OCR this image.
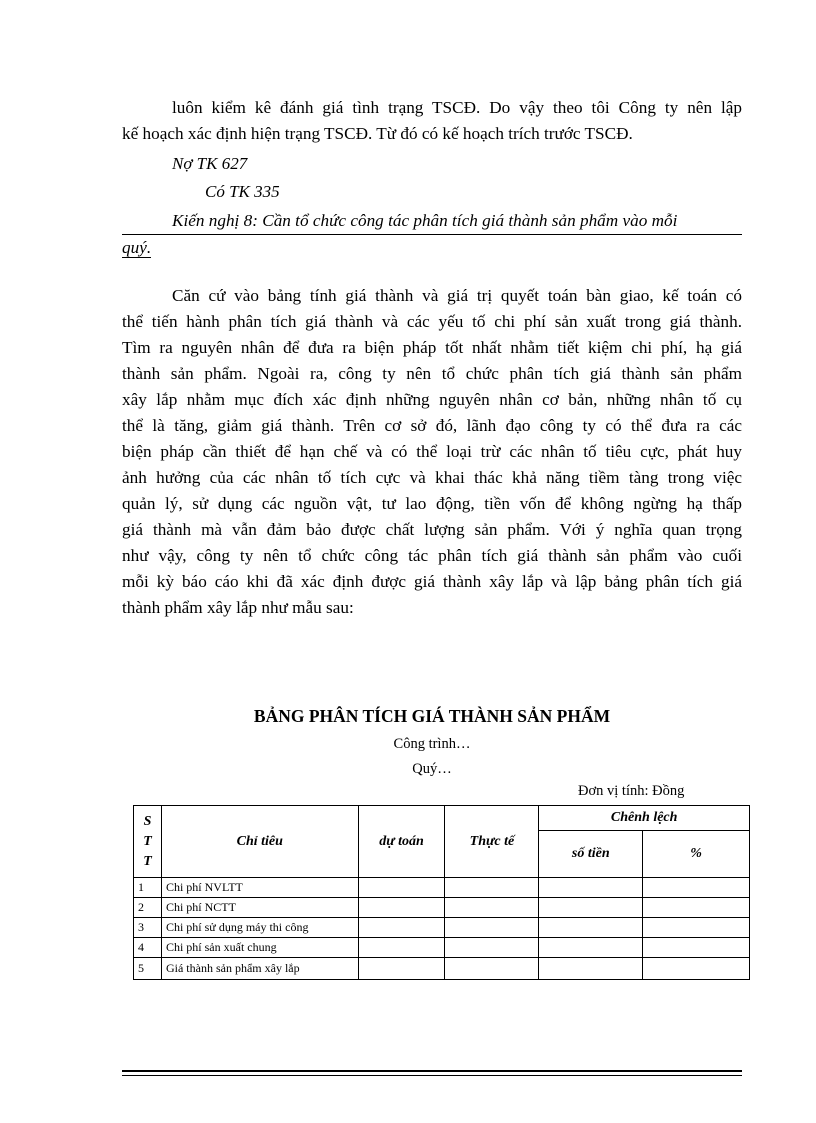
luôn kiểm kê đánh giá tình trạng TSCĐ. Do vậy theo tôi Công ty nên lập
kế hoạch xác định hiện trạng TSCĐ. Từ đó có kế hoạch trích trước TSCĐ.
Nợ TK 627
Có TK 335
Kiến nghị 8: Cần tổ chức công tác phân tích giá thành sản phẩm vào mỗi
quý.
Căn cứ vào bảng tính giá thành và giá trị quyết toán bàn giao, kế toán có
thể tiến hành phân tích giá thành và các yếu tố chi phí sản xuất trong giá thành.
Tìm ra nguyên nhân để đưa ra biện pháp tốt nhất nhằm tiết kiệm chi phí, hạ giá
thành sản phẩm. Ngoài ra, công ty nên tổ chức phân tích giá thành sản phẩm
xây lắp nhằm mục đích xác định những nguyên nhân cơ bản, những nhân tố cụ
thể là tăng, giảm giá thành. Trên cơ sở đó, lãnh đạo công ty có thể đưa ra các
biện pháp cần thiết để hạn chế và có thể loại trừ các nhân tố tiêu cực, phát huy
ảnh hưởng của các nhân tố tích cực và khai thác khả năng tiềm tàng trong việc
quản lý, sử dụng các nguồn vật, tư lao động, tiền vốn để không ngừng hạ thấp
giá thành mà vẫn đảm bảo được chất lượng sản phẩm. Với ý nghĩa quan trọng
như vậy, công ty nên tổ chức công tác phân tích giá thành sản phẩm vào cuối
mỗi kỳ báo cáo khi đã xác định được giá thành xây lắp và lập bảng phân tích giá
thành phẩm xây lắp như mẫu sau:
BẢNG PHÂN TÍCH GIÁ THÀNH SẢN PHẨM
Công trình…
Quý…
Đơn vị tính: Đồng
S
T
T	Chỉ tiêu	dự toán	Thực tế	Chênh lệch	
				số tiền	%
1	Chi phí NVLTT				
2	Chi phí NCTT				
3	Chi phí sử dụng máy thi công				
4	Chi phí sản xuất chung				
5	Giá thành sản phẩm xây lắp				
